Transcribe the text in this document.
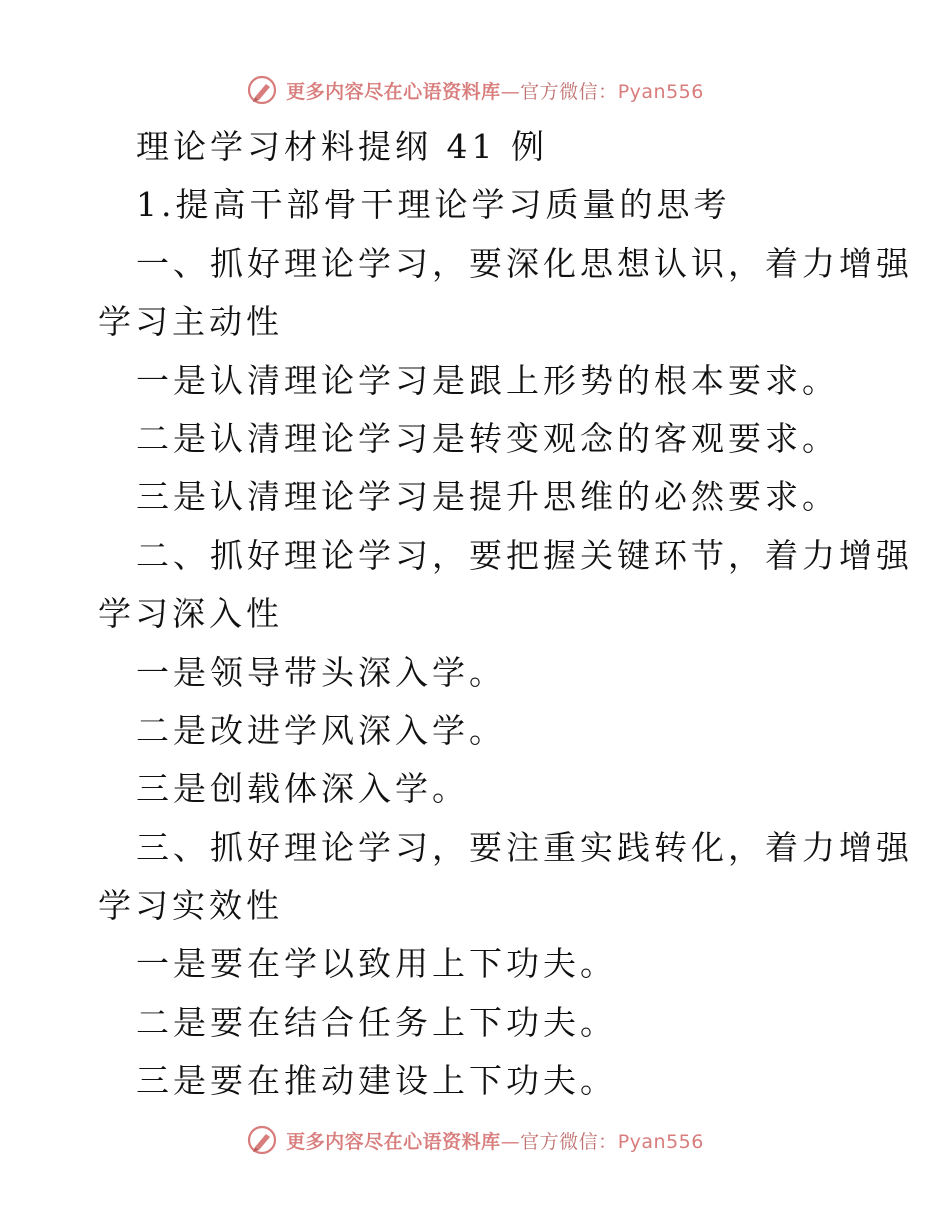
更多内容尽在心语资料库—官方微信：Pyan556
理论学习材料提纲 41 例
1.提高干部骨干理论学习质量的思考
一、抓好理论学习，要深化思想认识，着力增强
学习主动性
一是认清理论学习是跟上形势的根本要求。
二是认清理论学习是转变观念的客观要求。
三是认清理论学习是提升思维的必然要求。
二、抓好理论学习，要把握关键环节，着力增强
学习深入性
一是领导带头深入学。
二是改进学风深入学。
三是创载体深入学。
三、抓好理论学习，要注重实践转化，着力增强
学习实效性
一是要在学以致用上下功夫。
二是要在结合任务上下功夫。
三是要在推动建设上下功夫。
更多内容尽在心语资料库—官方微信：Pyan556
